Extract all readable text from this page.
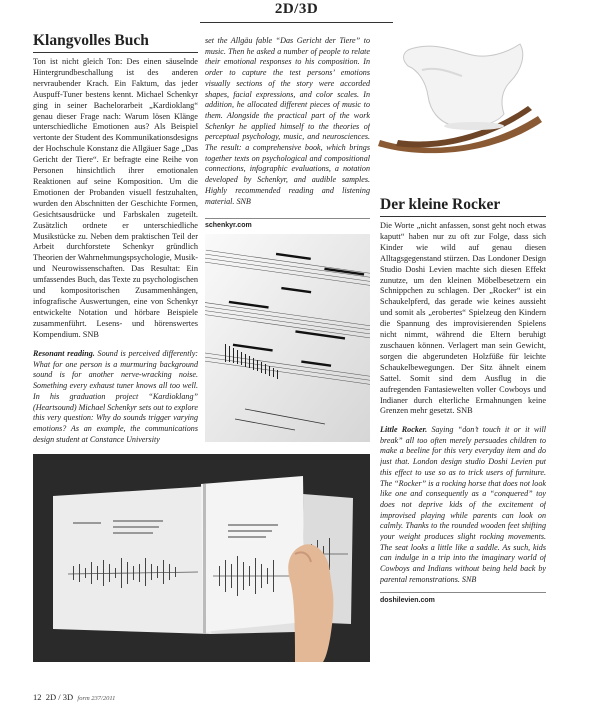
2D/3D
Klangvolles Buch
Ton ist nicht gleich Ton: Des einen säuselnde Hintergrundbeschallung ist des anderen nervraubender Krach. Ein Faktum, das jeder Auspuff-Tuner bestens kennt. Michael Schenkyr ging in seiner Bachelorarbeit „Kardioklang“ genau dieser Frage nach: Warum lösen Klänge unterschiedliche Emotionen aus? Als Beispiel vertonte der Student des Kommunikationsdesigns der Hochschule Konstanz die Allgäuer Sage „Das Gericht der Tiere“. Er befragte eine Reihe von Personen hinsichtlich ihrer emotionalen Reaktionen auf seine Komposition. Um die Emotionen der Probanden visuell festzuhalten, wurden den Abschnitten der Geschichte Formen, Gesichtsausdrücke und Farbskalen zugeteilt. Zusätzlich ordnete er unterschiedliche Musikstücke zu. Neben dem praktischen Teil der Arbeit durchforstete Schenkyr gründlich Theorien der Wahrnehmungspsychologie, Musik- und Neurowissenschaften. Das Resultat: Ein umfassendes Buch, das Texte zu psychologischen und kompositorischen Zusammenhängen, infografische Auswertungen, eine von Schenkyr entwickelte Notation und hörbare Beispiele zusammenführt. Lesens- und hörenswertes Kompendium. SNB
Resonant reading. Sound is perceived differently: What for one person is a murmuring background sound is for another nerve-wracking noise. Something every exhaust tuner knows all too well. In his graduation project “Kardioklang” (Heartsound) Michael Schenkyr sets out to explore this very question: Why do sounds trigger varying emotions? As an example, the communications design student at Constance University
set the Allgäu fable “Das Gericht der Tiere” to music. Then he asked a number of people to relate their emotional responses to his composition. In order to capture the test persons’ emotions visually sections of the story were accorded shapes, facial expressions, and color scales. In addition, he allocated different pieces of music to them. Alongside the practical part of the work Schenkyr he applied himself to the theories of perceptual psychology, music, and neurosciences. The result: a comprehensive book, which brings together texts on psychological and compositional connections, infographic evaluations, a notation developed by Schenkyr, and audible samples. Highly recommended reading and listening material. SNB
schenkyr.com
Der kleine Rocker
Die Worte „nicht anfassen, sonst geht noch etwas kaputt“ haben nur zu oft zur Folge, dass sich Kinder wie wild auf genau diesen Alltagsgegenstand stürzen. Das Londoner Design Studio Doshi Levien machte sich diesen Effekt zunutze, um den kleinen Möbelbesetzern ein Schnippchen zu schlagen. Der „Rocker“ ist ein Schaukelpferd, das gerade wie keines aussieht und somit als „erobertes“ Spielzeug den Kindern die Spannung des improvisierenden Spielens nicht nimmt, während die Eltern beruhigt zuschauen können. Verlagert man sein Gewicht, sorgen die abgerundeten Holzfüße für leichte Schaukelbewegungen. Der Sitz ähnelt einem Sattel. Somit sind dem Ausflug in die aufregenden Fantasiewelten voller Cowboys und Indianer durch elterliche Ermahnungen keine Grenzen mehr gesetzt. SNB
Little Rocker. Saying “don’t touch it or it will break” all too often merely persuades children to make a beeline for this very everyday item and do just that. London design studio Doshi Levien put this effect to use so as to trick users of furniture. The “Rocker” is a rocking horse that does not look like one and consequently as a “conquered” toy does not deprive kids of the excitement of improvised playing while parents can look on calmly. Thanks to the rounded wooden feet shifting your weight produces slight rocking movements. The seat looks a little like a saddle. As such, kids can indulge in a trip into the imaginary world of Cowboys and Indians without being held back by parental remonstrations. SNB
doshilevien.com
12 2D / 3D form 237/2011
